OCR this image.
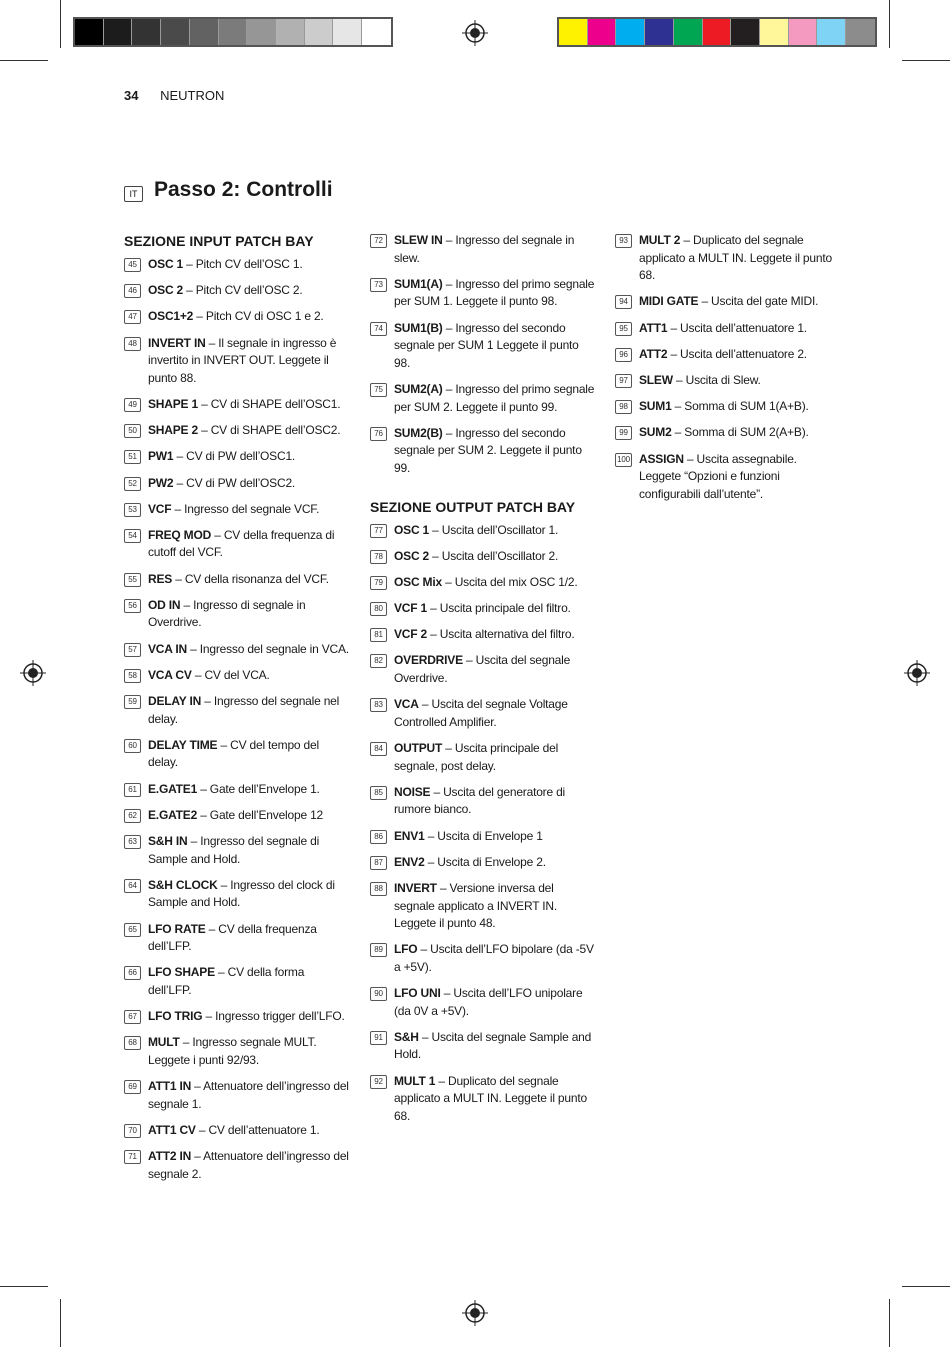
34 NEUTRON
IT Passo 2: Controlli
SEZIONE INPUT PATCH BAY
45 OSC 1 – Pitch CV dell’OSC 1.
46 OSC 2 – Pitch CV dell’OSC 2.
47 OSC1+2 – Pitch CV di OSC 1 e 2.
48 INVERT IN – Il segnale in ingresso è invertito in INVERT OUT. Leggete il punto 88.
49 SHAPE 1 – CV di SHAPE dell’OSC1.
50 SHAPE 2 – CV di SHAPE dell’OSC2.
51 PW1 – CV di PW dell’OSC1.
52 PW2 – CV di PW dell’OSC2.
53 VCF – Ingresso del segnale VCF.
54 FREQ MOD – CV della frequenza di cutoff del VCF.
55 RES – CV della risonanza del VCF.
56 OD IN – Ingresso di segnale in Overdrive.
57 VCA IN – Ingresso del segnale in VCA.
58 VCA CV – CV del VCA.
59 DELAY IN – Ingresso del segnale nel delay.
60 DELAY TIME – CV del tempo del delay.
61 E.GATE1 – Gate dell’Envelope 1.
62 E.GATE2 – Gate dell’Envelope 12
63 S&H IN – Ingresso del segnale di Sample and Hold.
64 S&H CLOCK – Ingresso del clock di Sample and Hold.
65 LFO RATE – CV della frequenza dell’LFP.
66 LFO SHAPE – CV della forma dell’LFP.
67 LFO TRIG – Ingresso trigger dell’LFO.
68 MULT – Ingresso segnale MULT. Leggete i punti 92/93.
69 ATT1 IN – Attenuatore dell’ingresso del segnale 1.
70 ATT1 CV – CV dell’attenuatore 1.
71 ATT2 IN – Attenuatore dell’ingresso del segnale 2.
72 SLEW IN – Ingresso del segnale in slew.
73 SUM1(A) – Ingresso del primo segnale per SUM 1. Leggete il punto 98.
74 SUM1(B) – Ingresso del secondo segnale per SUM 1 Leggete il punto 98.
75 SUM2(A) – Ingresso del primo segnale per SUM 2. Leggete il punto 99.
76 SUM2(B) – Ingresso del secondo segnale per SUM 2. Leggete il punto 99.
SEZIONE OUTPUT PATCH BAY
77 OSC 1 – Uscita dell’Oscillator 1.
78 OSC 2 – Uscita dell’Oscillator 2.
79 OSC Mix – Uscita del mix OSC 1/2.
80 VCF 1 – Uscita principale del filtro.
81 VCF 2 – Uscita alternativa del filtro.
82 OVERDRIVE – Uscita del segnale Overdrive.
83 VCA – Uscita del segnale Voltage Controlled Amplifier.
84 OUTPUT – Uscita principale del segnale, post delay.
85 NOISE – Uscita del generatore di rumore bianco.
86 ENV1 – Uscita di Envelope 1
87 ENV2 – Uscita di Envelope 2.
88 INVERT – Versione inversa del segnale applicato a INVERT IN. Leggete il punto 48.
89 LFO – Uscita dell’LFO bipolare (da -5V a +5V).
90 LFO UNI – Uscita dell’LFO unipolare (da 0V a +5V).
91 S&H – Uscita del segnale Sample and Hold.
92 MULT 1 – Duplicato del segnale applicato a MULT IN. Leggete il punto 68.
93 MULT 2 – Duplicato del segnale applicato a MULT IN. Leggete il punto 68.
94 MIDI GATE – Uscita del gate MIDI.
95 ATT1 – Uscita dell’attenuatore 1.
96 ATT2 – Uscita dell’attenuatore 2.
97 SLEW – Uscita di Slew.
98 SUM1 – Somma di SUM 1(A+B).
99 SUM2 – Somma di SUM 2(A+B).
100 ASSIGN – Uscita assegnabile. Leggete “Opzioni e funzioni configurabili dall’utente”.
